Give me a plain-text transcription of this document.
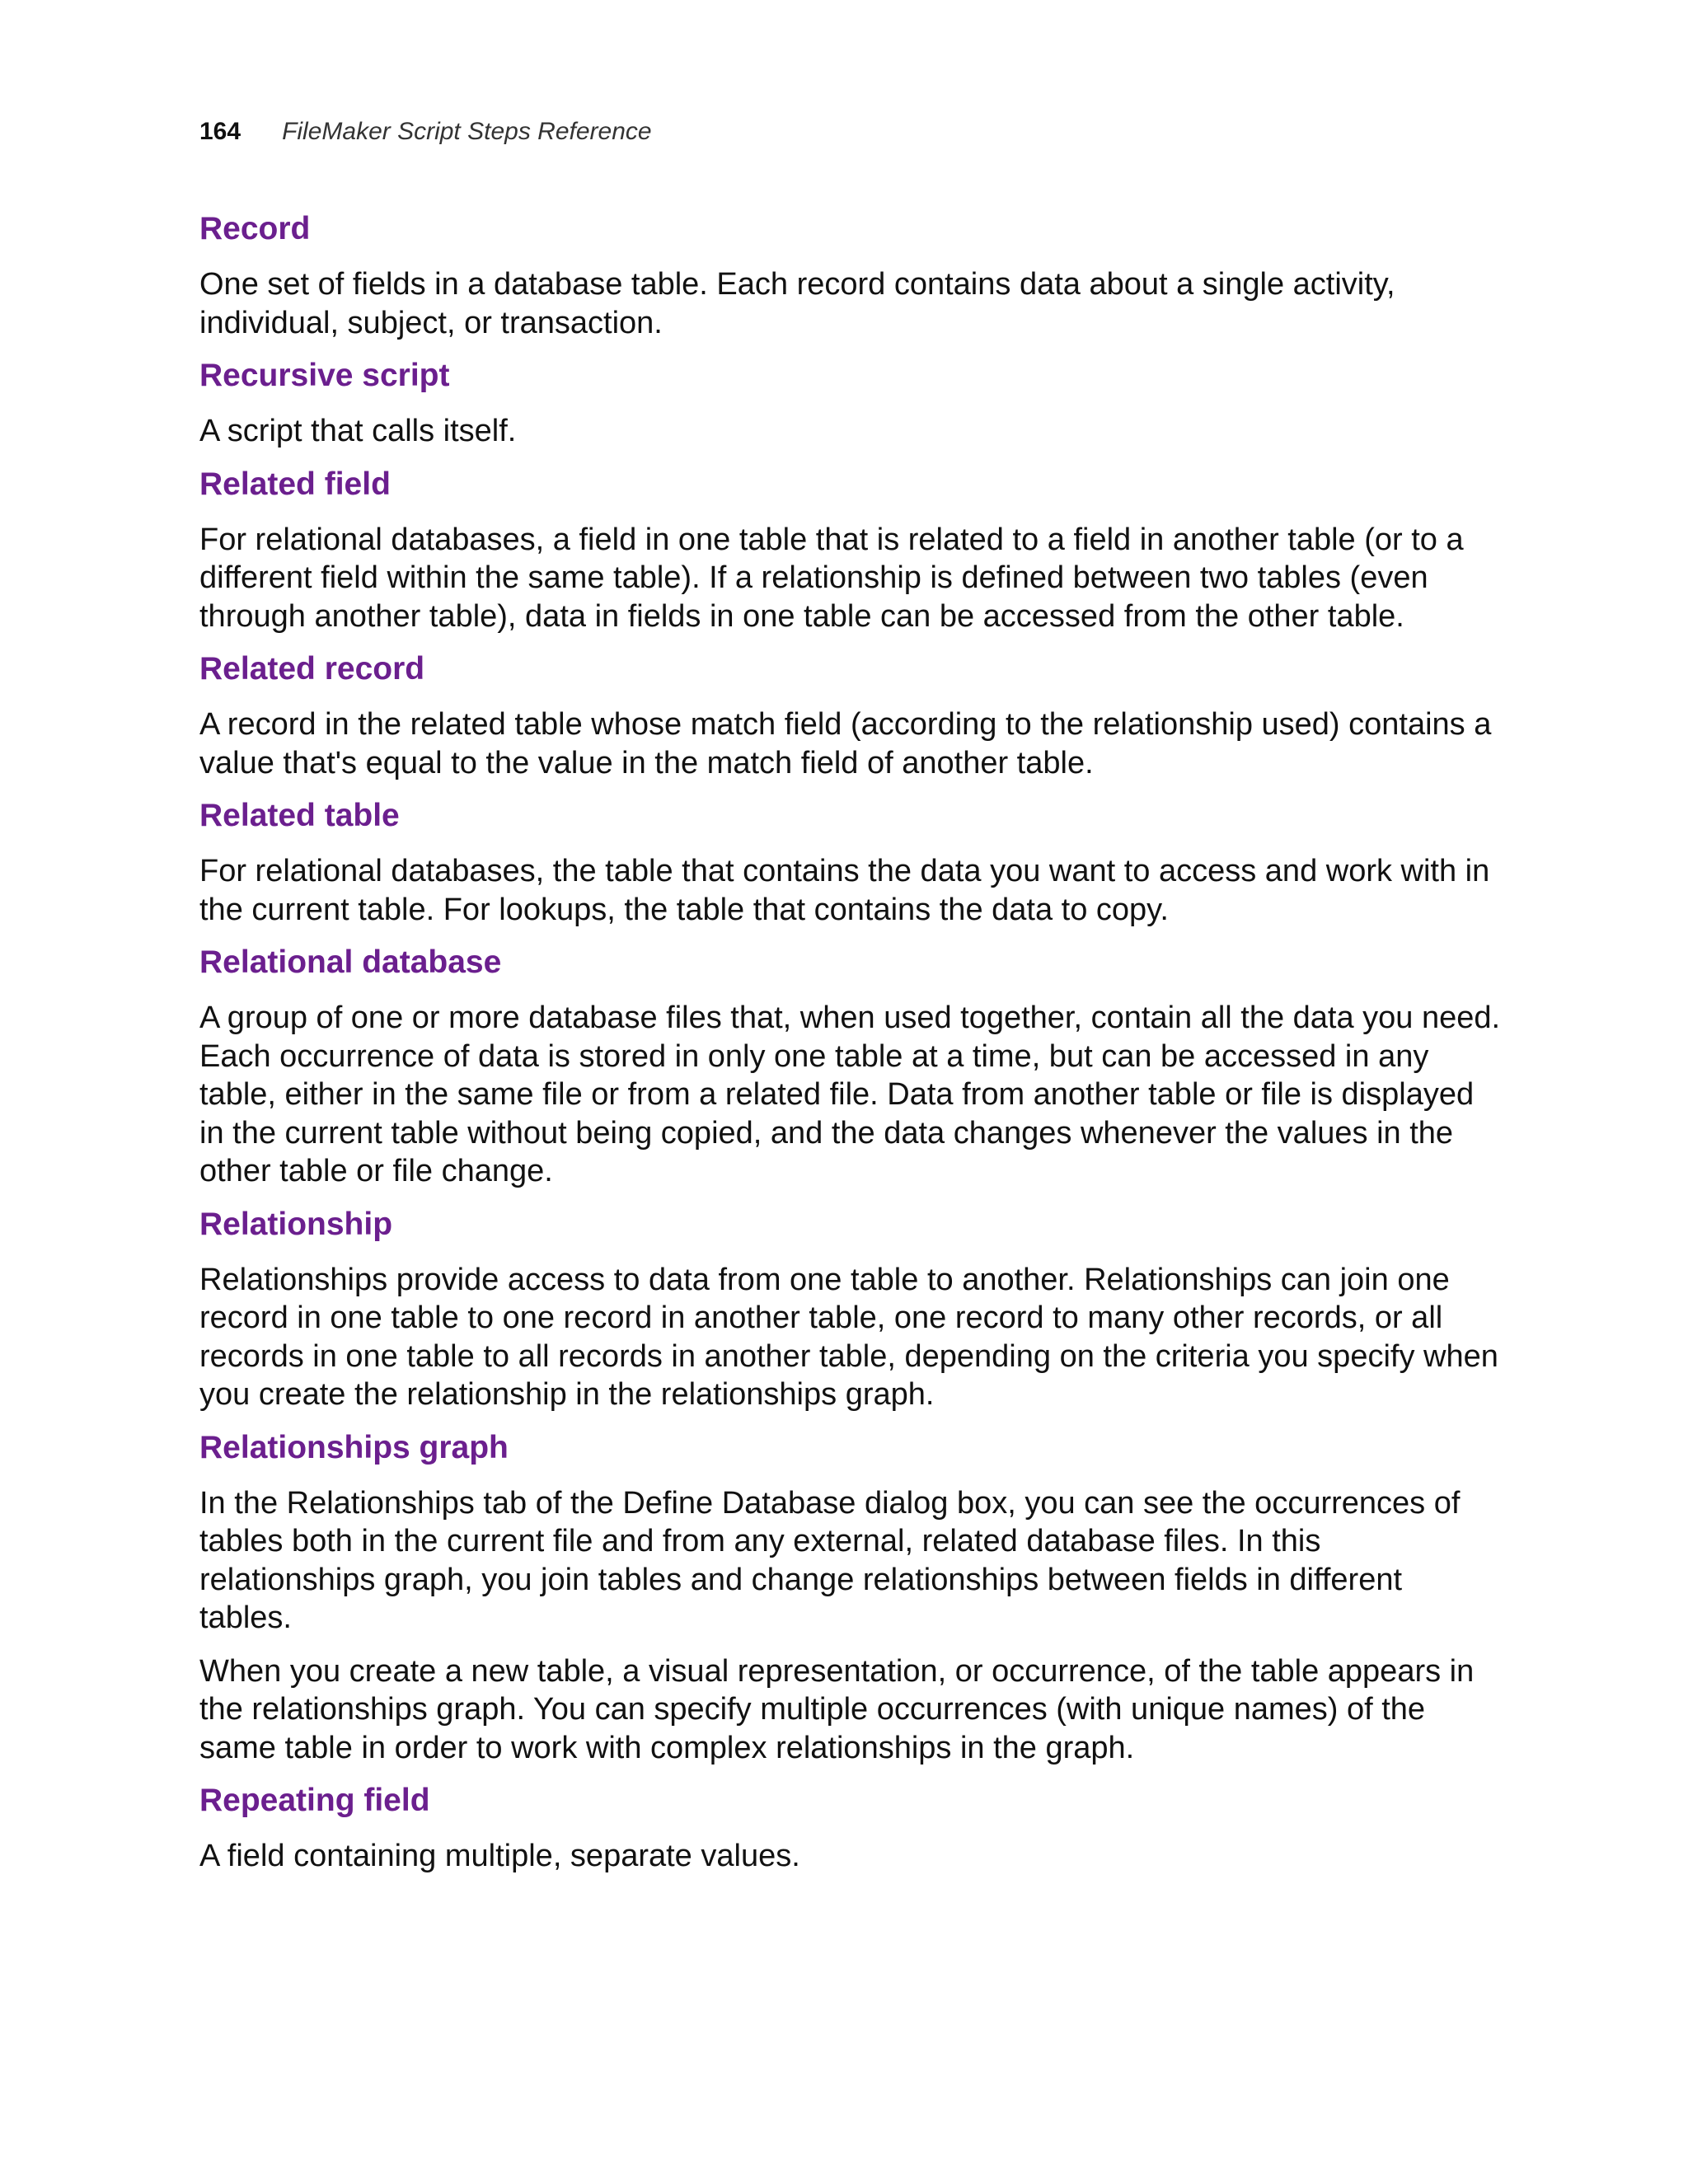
164 FileMaker Script Steps Reference
Record

One set of fields in a database table. Each record contains data about a single activity, individual, subject, or transaction.

Recursive script

A script that calls itself.

Related field

For relational databases, a field in one table that is related to a field in another table (or to a different field within the same table). If a relationship is defined between two tables (even through another table), data in fields in one table can be accessed from the other table.

Related record

A record in the related table whose match field (according to the relationship used) contains a value that's equal to the value in the match field of another table.

Related table

For relational databases, the table that contains the data you want to access and work with in the current table. For lookups, the table that contains the data to copy.

Relational database

A group of one or more database files that, when used together, contain all the data you need. Each occurrence of data is stored in only one table at a time, but can be accessed in any table, either in the same file or from a related file. Data from another table or file is displayed in the current table without being copied, and the data changes whenever the values in the other table or file change.

Relationship

Relationships provide access to data from one table to another. Relationships can join one record in one table to one record in another table, one record to many other records, or all records in one table to all records in another table, depending on the criteria you specify when you create the relationship in the relationships graph.

Relationships graph

In the Relationships tab of the Define Database dialog box, you can see the occurrences of tables both in the current file and from any external, related database files. In this relationships graph, you join tables and change relationships between fields in different tables.

When you create a new table, a visual representation, or occurrence, of the table appears in the relationships graph. You can specify multiple occurrences (with unique names) of the same table in order to work with complex relationships in the graph.

Repeating field

A field containing multiple, separate values.
